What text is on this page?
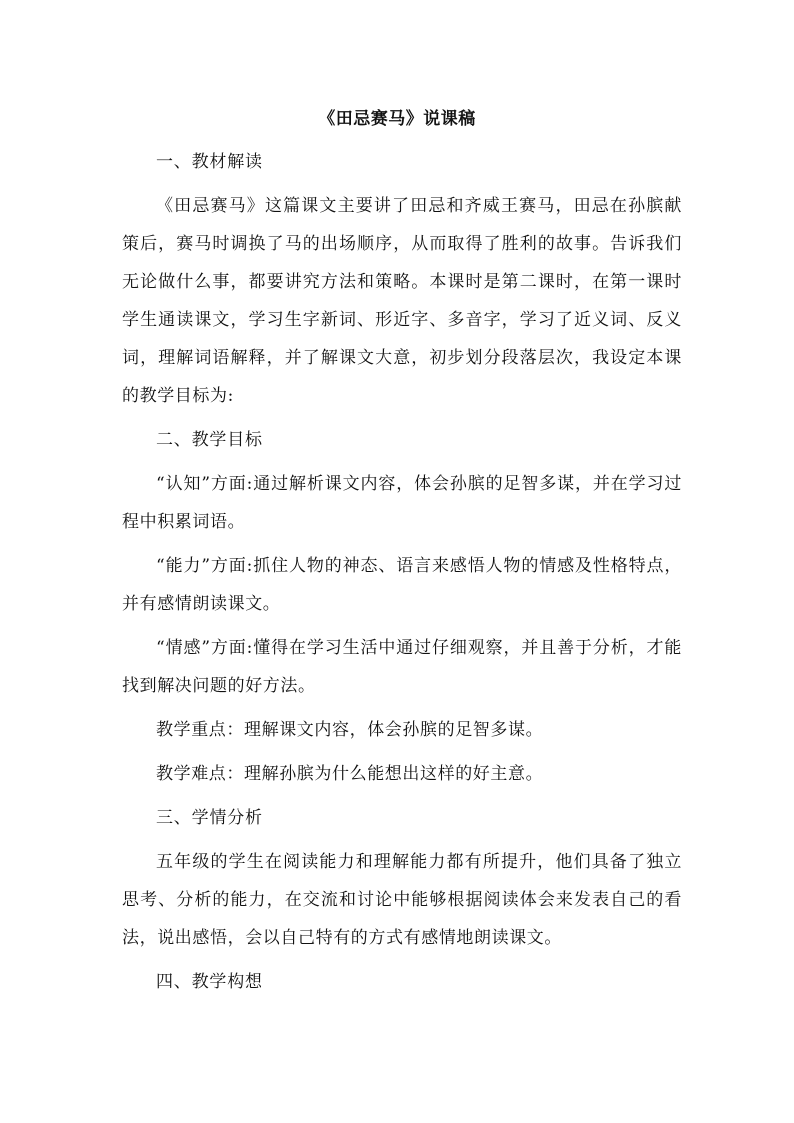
《田忌赛马》说课稿

一、教材解读

《田忌赛马》这篇课文主要讲了田忌和齐威王赛马，田忌在孙膑献策后，赛马时调换了马的出场顺序，从而取得了胜利的故事。告诉我们无论做什么事，都要讲究方法和策略。本课时是第二课时，在第一课时学生通读课文，学习生字新词、形近字、多音字，学习了近义词、反义词，理解词语解释，并了解课文大意，初步划分段落层次，我设定本课的教学目标为:

二、教学目标

“认知”方面:通过解析课文内容，体会孙膑的足智多谋，并在学习过程中积累词语。

“能力”方面:抓住人物的神态、语言来感悟人物的情感及性格特点，并有感情朗读课文。

“情感”方面:懂得在学习生活中通过仔细观察，并且善于分析，才能找到解决问题的好方法。

教学重点：理解课文内容，体会孙膑的足智多谋。

教学难点：理解孙膑为什么能想出这样的好主意。

三、学情分析

五年级的学生在阅读能力和理解能力都有所提升，他们具备了独立思考、分析的能力，在交流和讨论中能够根据阅读体会来发表自己的看法，说出感悟，会以自己特有的方式有感情地朗读课文。

四、教学构想
